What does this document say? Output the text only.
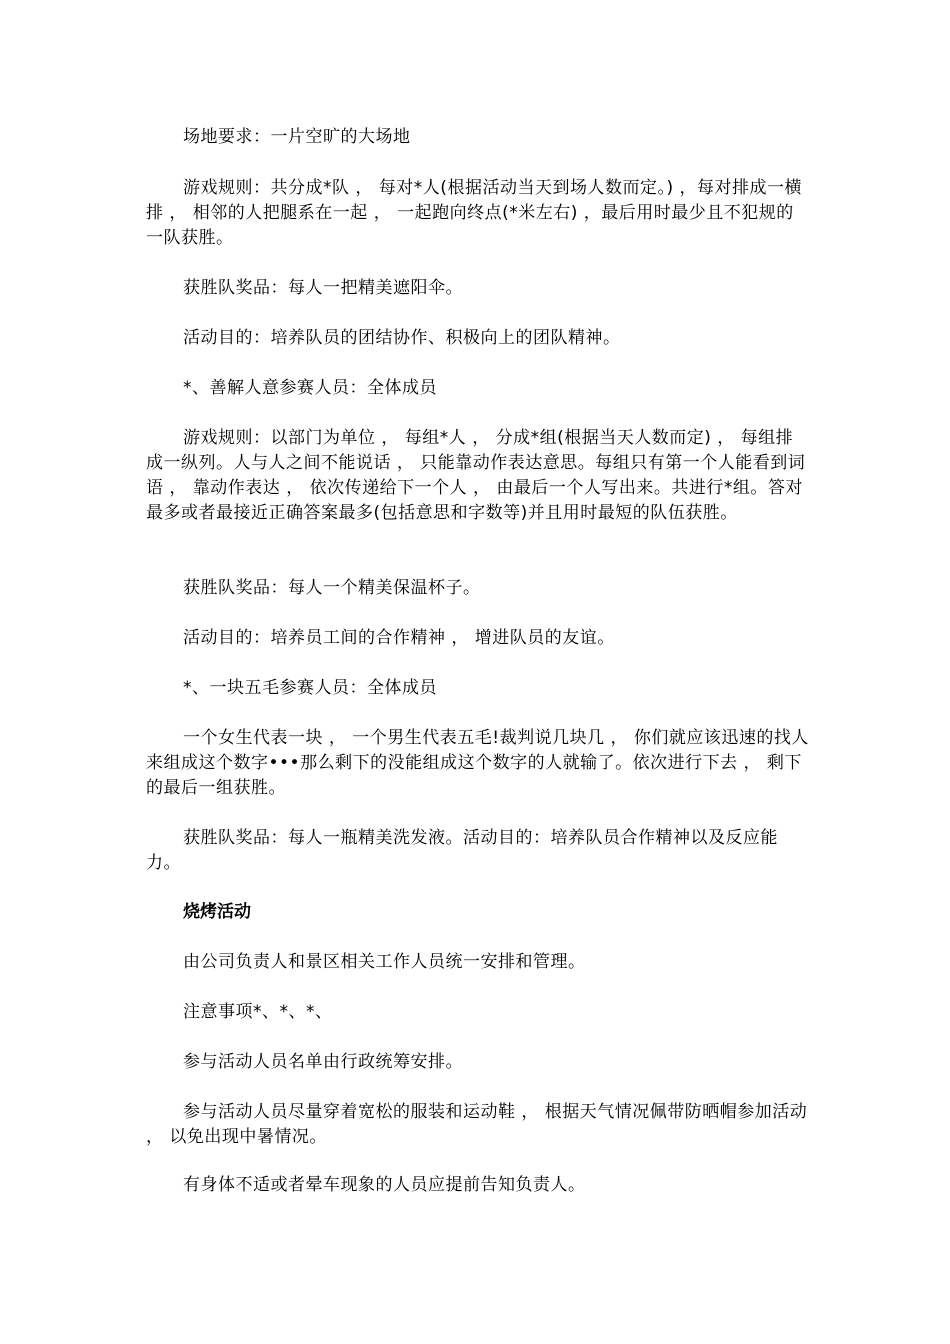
场地要求：一片空旷的大场地

游戏规则：共分成*队 ， 每对*人(根据活动当天到场人数而定。) ，每对排成一横排 ， 相邻的人把腿系在一起 ， 一起跑向终点(*米左右) ，最后用时最少且不犯规的一队获胜。

获胜队奖品：每人一把精美遮阳伞。

活动目的：培养队员的团结协作、积极向上的团队精神。

*、善解人意参赛人员：全体成员

游戏规则：以部门为单位 ， 每组*人 ， 分成*组(根据当天人数而定) ， 每组排成一纵列。人与人之间不能说话 ， 只能靠动作表达意思。每组只有第一个人能看到词语 ， 靠动作表达 ， 依次传递给下一个人 ， 由最后一个人写出来。共进行*组。答对最多或者最接近正确答案最多(包括意思和字数等)并且用时最短的队伍获胜。

获胜队奖品：每人一个精美保温杯子。

活动目的：培养员工间的合作精神 ， 增进队员的友谊。

*、一块五毛参赛人员：全体成员

一个女生代表一块 ， 一个男生代表五毛!裁判说几块几 ， 你们就应该迅速的找人来组成这个数字•••那么剩下的没能组成这个数字的人就输了。依次进行下去 ， 剩下的最后一组获胜。

获胜队奖品：每人一瓶精美洗发液。活动目的：培养队员合作精神以及反应能力。

烧烤活动

由公司负责人和景区相关工作人员统一安排和管理。

注意事项*、*、*、

参与活动人员名单由行政统筹安排。

参与活动人员尽量穿着宽松的服装和运动鞋 ， 根据天气情况佩带防晒帽参加活动 ， 以免出现中暑情况。

有身体不适或者晕车现象的人员应提前告知负责人。
